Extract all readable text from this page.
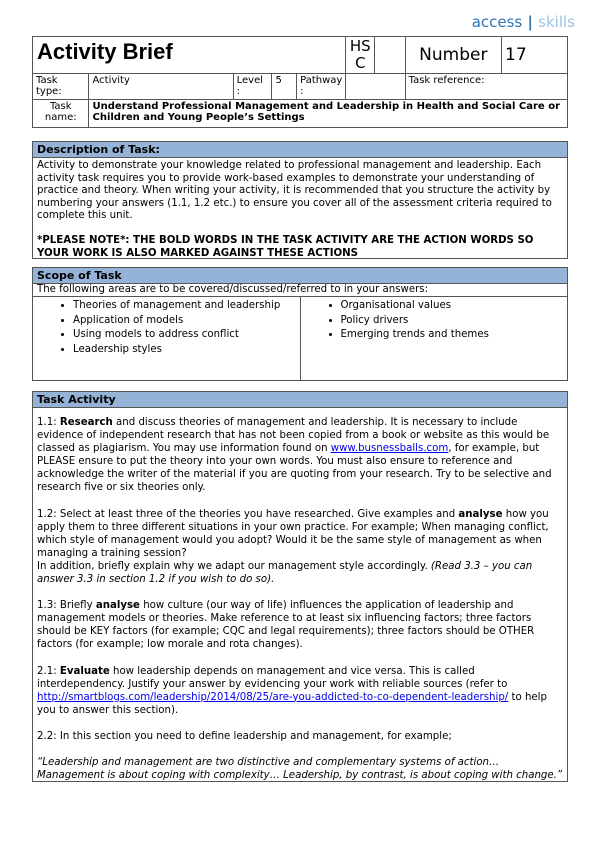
access | skills
Activity Brief					HS C		Number	17
Task type:	Activity	Level :	5	Pathway :			Task reference:	
Task name:	Understand Professional Management and Leadership in Health and Social Care or Children and Young People’s Settings							
Description of Task:

Activity to demonstrate your knowledge related to professional management and leadership. Each activity task requires you to provide work-based examples to demonstrate your understanding of practice and theory. When writing your activity, it is recommended that you structure the activity by numbering your answers (1.1, 1.2 etc.) to ensure you cover all of the assessment criteria required to complete this unit.

*PLEASE NOTE*: THE BOLD WORDS IN THE TASK ACTIVITY ARE THE ACTION WORDS SO YOUR WORK IS ALSO MARKED AGAINST THESE ACTIONS

Scope of Task
The following areas are to be covered/discussed/referred to in your answers:
• Theories of management and leadership
• Application of models
• Using models to address conflict
• Leadership styles
• Organisational values
• Policy drivers
• Emerging trends and themes
Task Activity

1.1: Research and discuss theories of management and leadership. It is necessary to include evidence of independent research that has not been copied from a book or website as this would be classed as plagiarism. You may use information found on www.busnessballs.com, for example, but PLEASE ensure to put the theory into your own words. You must also ensure to reference and acknowledge the writer of the material if you are quoting from your research. Try to be selective and research five or six theories only.

1.2: Select at least three of the theories you have researched. Give examples and analyse how you apply them to three different situations in your own practice. For example; When managing conflict, which style of management would you adopt? Would it be the same style of management as when managing a training session?
In addition, briefly explain why we adapt our management style accordingly. (Read 3.3 – you can answer 3.3 in section 1.2 if you wish to do so).

1.3: Briefly analyse how culture (our way of life) influences the application of leadership and management models or theories. Make reference to at least six influencing factors; three factors should be KEY factors (for example; CQC and legal requirements); three factors should be OTHER factors (for example; low morale and rota changes).

2.1: Evaluate how leadership depends on management and vice versa. This is called interdependency. Justify your answer by evidencing your work with reliable sources (refer to http://smartblogs.com/leadership/2014/08/25/are-you-addicted-to-co-dependent-leadership/ to help you to answer this section).

2.2: In this section you need to define leadership and management, for example;

“Leadership and management are two distinctive and complementary systems of action…Management is about coping with complexity… Leadership, by contrast, is about coping with change.”
